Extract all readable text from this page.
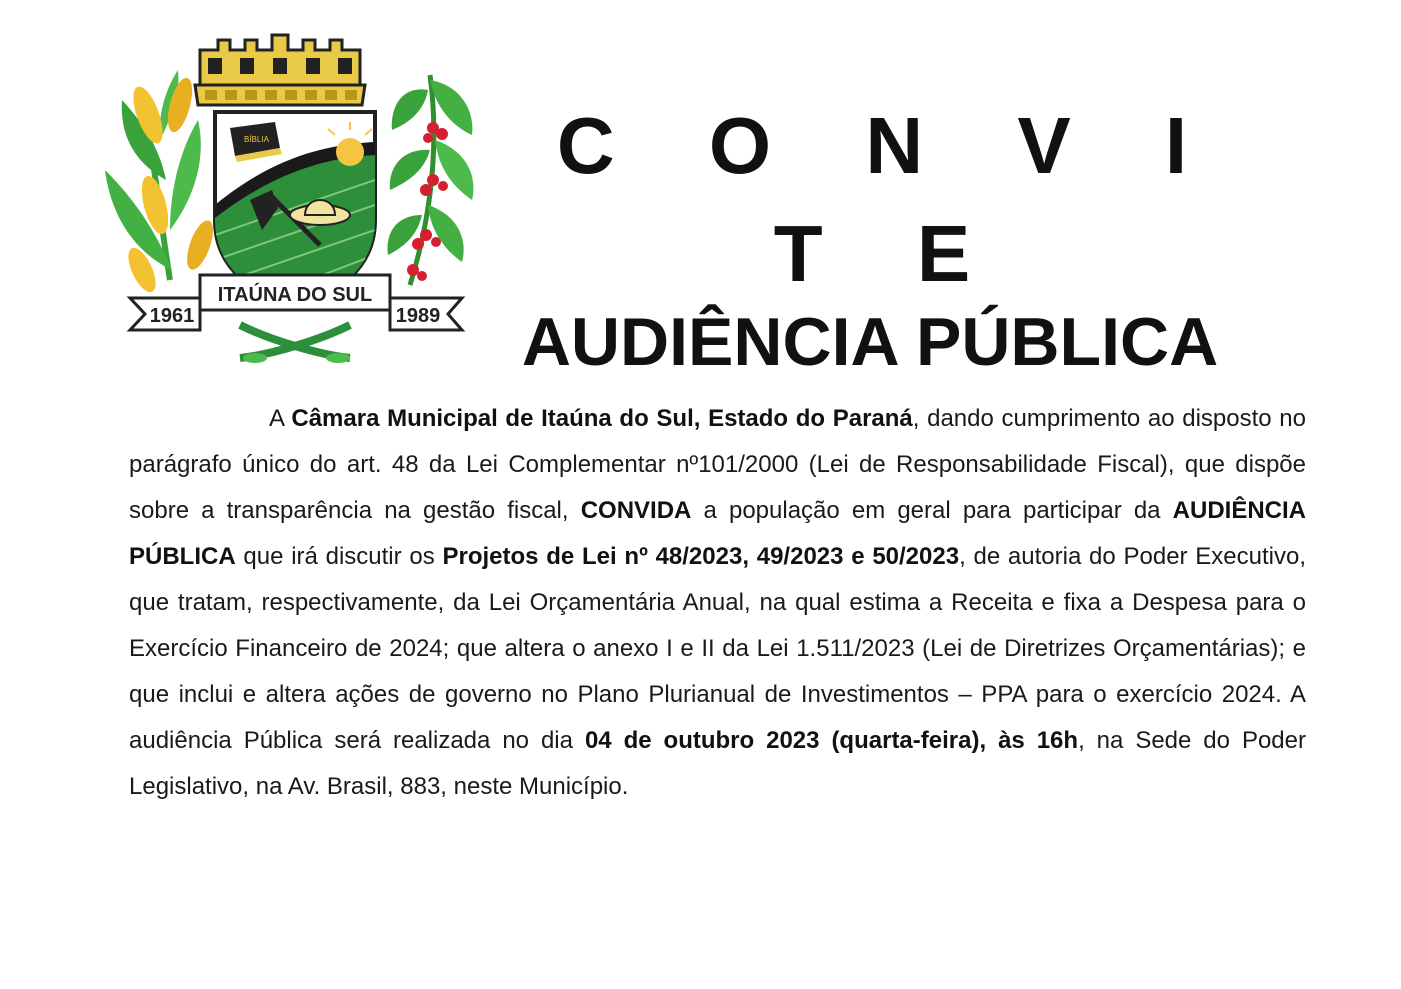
BÍBLIA
ITAÚNA DO SUL
1961	1989
C O N V I T E
AUDIÊNCIA PÚBLICA
A Câmara Municipal de Itaúna do Sul, Estado do Paraná, dando cumprimento ao disposto no parágrafo único do art. 48 da Lei Complementar nº101/2000 (Lei de Responsabilidade Fiscal), que dispõe sobre a transparência na gestão fiscal, CONVIDA a população em geral para participar da AUDIÊNCIA PÚBLICA que irá discutir os Projetos de Lei nº 48/2023, 49/2023 e 50/2023, de autoria do Poder Executivo, que tratam, respectivamente, da Lei Orçamentária Anual, na qual estima a Receita e fixa a Despesa para o Exercício Financeiro de 2024; que altera o anexo I e II da Lei 1.511/2023 (Lei de Diretrizes Orçamentárias); e que inclui e altera ações de governo no Plano Plurianual de Investimentos – PPA para o exercício 2024. A audiência Pública será realizada no dia 04 de outubro 2023 (quarta-feira), às 16h, na Sede do Poder Legislativo, na Av. Brasil, 883, neste Município.
